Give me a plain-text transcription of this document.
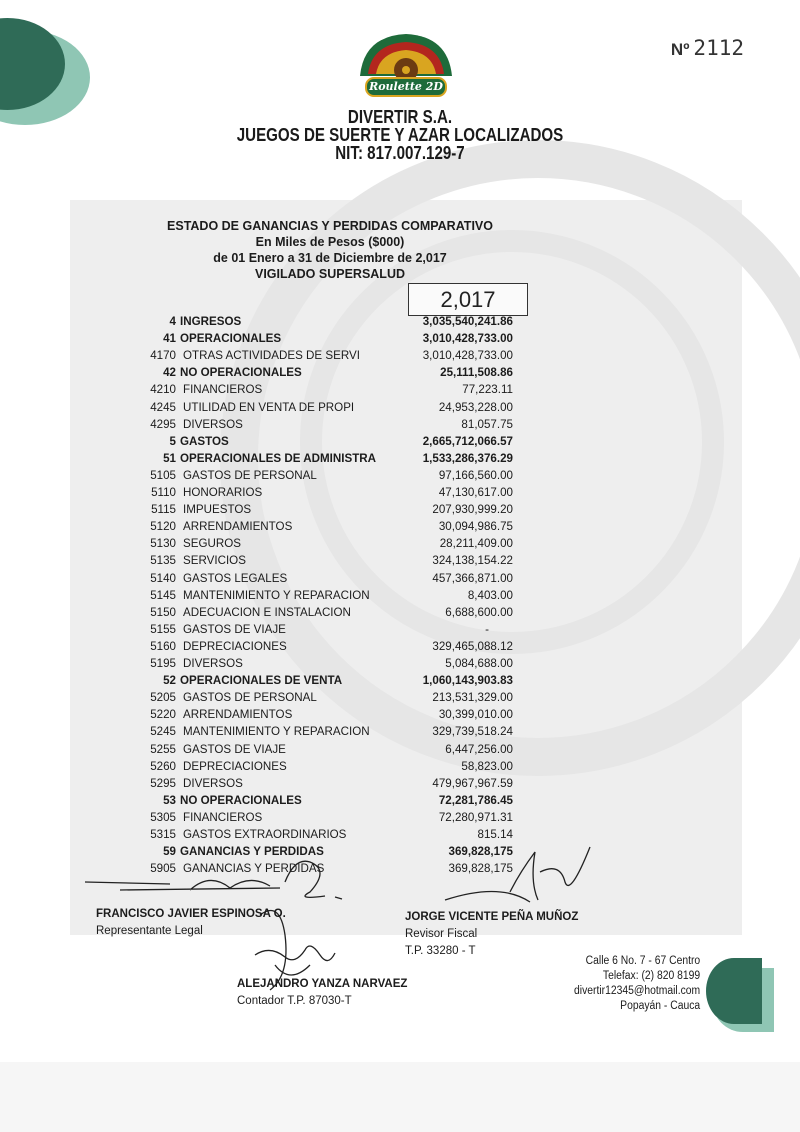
Nº 2112
Roulette 2D
DIVERTIR S.A.
JUEGOS DE SUERTE Y AZAR LOCALIZADOS
NIT: 817.007.129-7
ESTADO DE GANANCIAS Y PERDIDAS COMPARATIVO
En Miles de Pesos ($000)
de 01 Enero a 31 de Diciembre de 2,017
VIGILADO SUPERSALUD
2,017
4 INGRESOS	3,035,540,241.86
41 OPERACIONALES	3,010,428,733.00
4170 OTRAS ACTIVIDADES DE SERVI	3,010,428,733.00
42 NO OPERACIONALES	25,111,508.86
4210 FINANCIEROS	77,223.11
4245 UTILIDAD EN VENTA DE PROPI	24,953,228.00
4295 DIVERSOS	81,057.75
5 GASTOS	2,665,712,066.57
51 OPERACIONALES DE ADMINISTRA	1,533,286,376.29
5105 GASTOS DE PERSONAL	97,166,560.00
5110 HONORARIOS	47,130,617.00
5115 IMPUESTOS	207,930,999.20
5120 ARRENDAMIENTOS	30,094,986.75
5130 SEGUROS	28,211,409.00
5135 SERVICIOS	324,138,154.22
5140 GASTOS LEGALES	457,366,871.00
5145 MANTENIMIENTO Y REPARACION	8,403.00
5150 ADECUACION E INSTALACION	6,688,600.00
5155 GASTOS DE VIAJE	-
5160 DEPRECIACIONES	329,465,088.12
5195 DIVERSOS	5,084,688.00
52 OPERACIONALES DE VENTA	1,060,143,903.83
5205 GASTOS DE PERSONAL	213,531,329.00
5220 ARRENDAMIENTOS	30,399,010.00
5245 MANTENIMIENTO Y REPARACION	329,739,518.24
5255 GASTOS DE VIAJE	6,447,256.00
5260 DEPRECIACIONES	58,823.00
5295 DIVERSOS	479,967,967.59
53 NO OPERACIONALES	72,281,786.45
5305 FINANCIEROS	72,280,971.31
5315 GASTOS EXTRAORDINARIOS	815.14
59 GANANCIAS Y PERDIDAS	369,828,175
5905 GANANCIAS Y PERDIDAS	369,828,175
FRANCISCO JAVIER ESPINOSA O.
Representante Legal
JORGE VICENTE PEÑA MUÑOZ
Revisor Fiscal
T.P. 33280 - T
ALEJANDRO YANZA NARVAEZ
Contador T.P. 87030-T
Calle 6 No. 7 - 67 Centro
Telefax: (2) 820 8199
divertir12345@hotmail.com
Popayán - Cauca
